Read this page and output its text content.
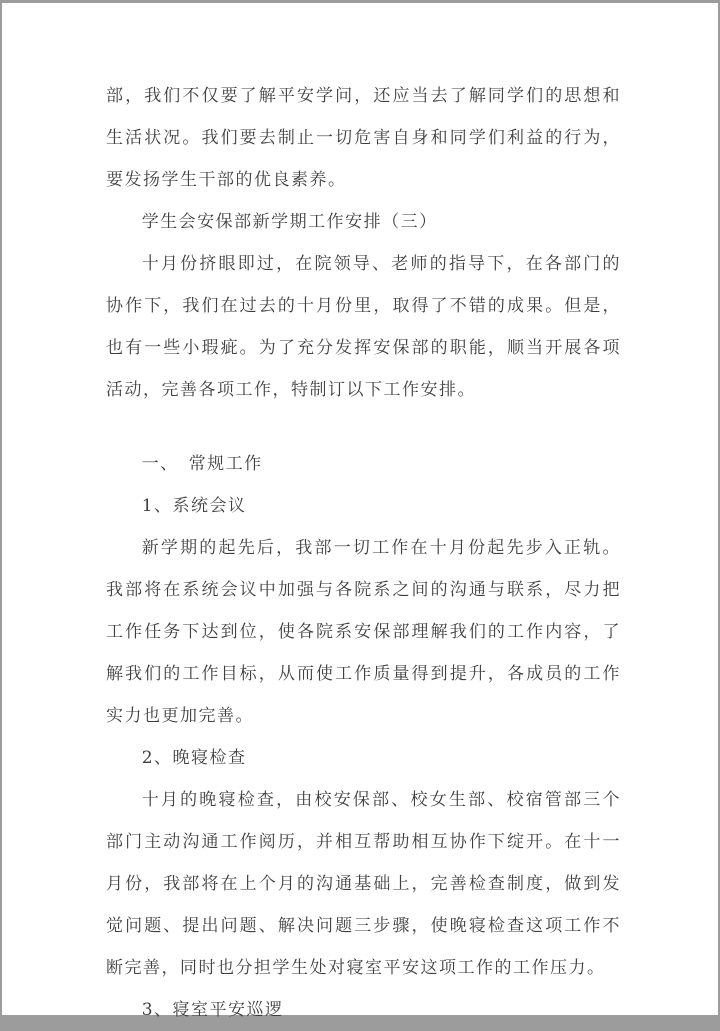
部，我们不仅要了解平安学问，还应当去了解同学们的思想和生活状况。我们要去制止一切危害自身和同学们利益的行为，要发扬学生干部的优良素养。

学生会安保部新学期工作安排（三）

十月份挤眼即过，在院领导、老师的指导下，在各部门的协作下，我们在过去的十月份里，取得了不错的成果。但是，也有一些小瑕疵。为了充分发挥安保部的职能，顺当开展各项活动，完善各项工作，特制订以下工作安排。

一、　常规工作

1、系统会议

新学期的起先后，我部一切工作在十月份起先步入正轨。我部将在系统会议中加强与各院系之间的沟通与联系，尽力把工作任务下达到位，使各院系安保部理解我们的工作内容，了解我们的工作目标，从而使工作质量得到提升，各成员的工作实力也更加完善。

2、晚寝检查

十月的晚寝检查，由校安保部、校女生部、校宿管部三个部门主动沟通工作阅历，并相互帮助相互协作下绽开。在十一月份，我部将在上个月的沟通基础上，完善检查制度，做到发觉问题、提出问题、解决问题三步骤，使晚寝检查这项工作不断完善，同时也分担学生处对寝室平安这项工作的工作压力。

3、寝室平安巡逻
